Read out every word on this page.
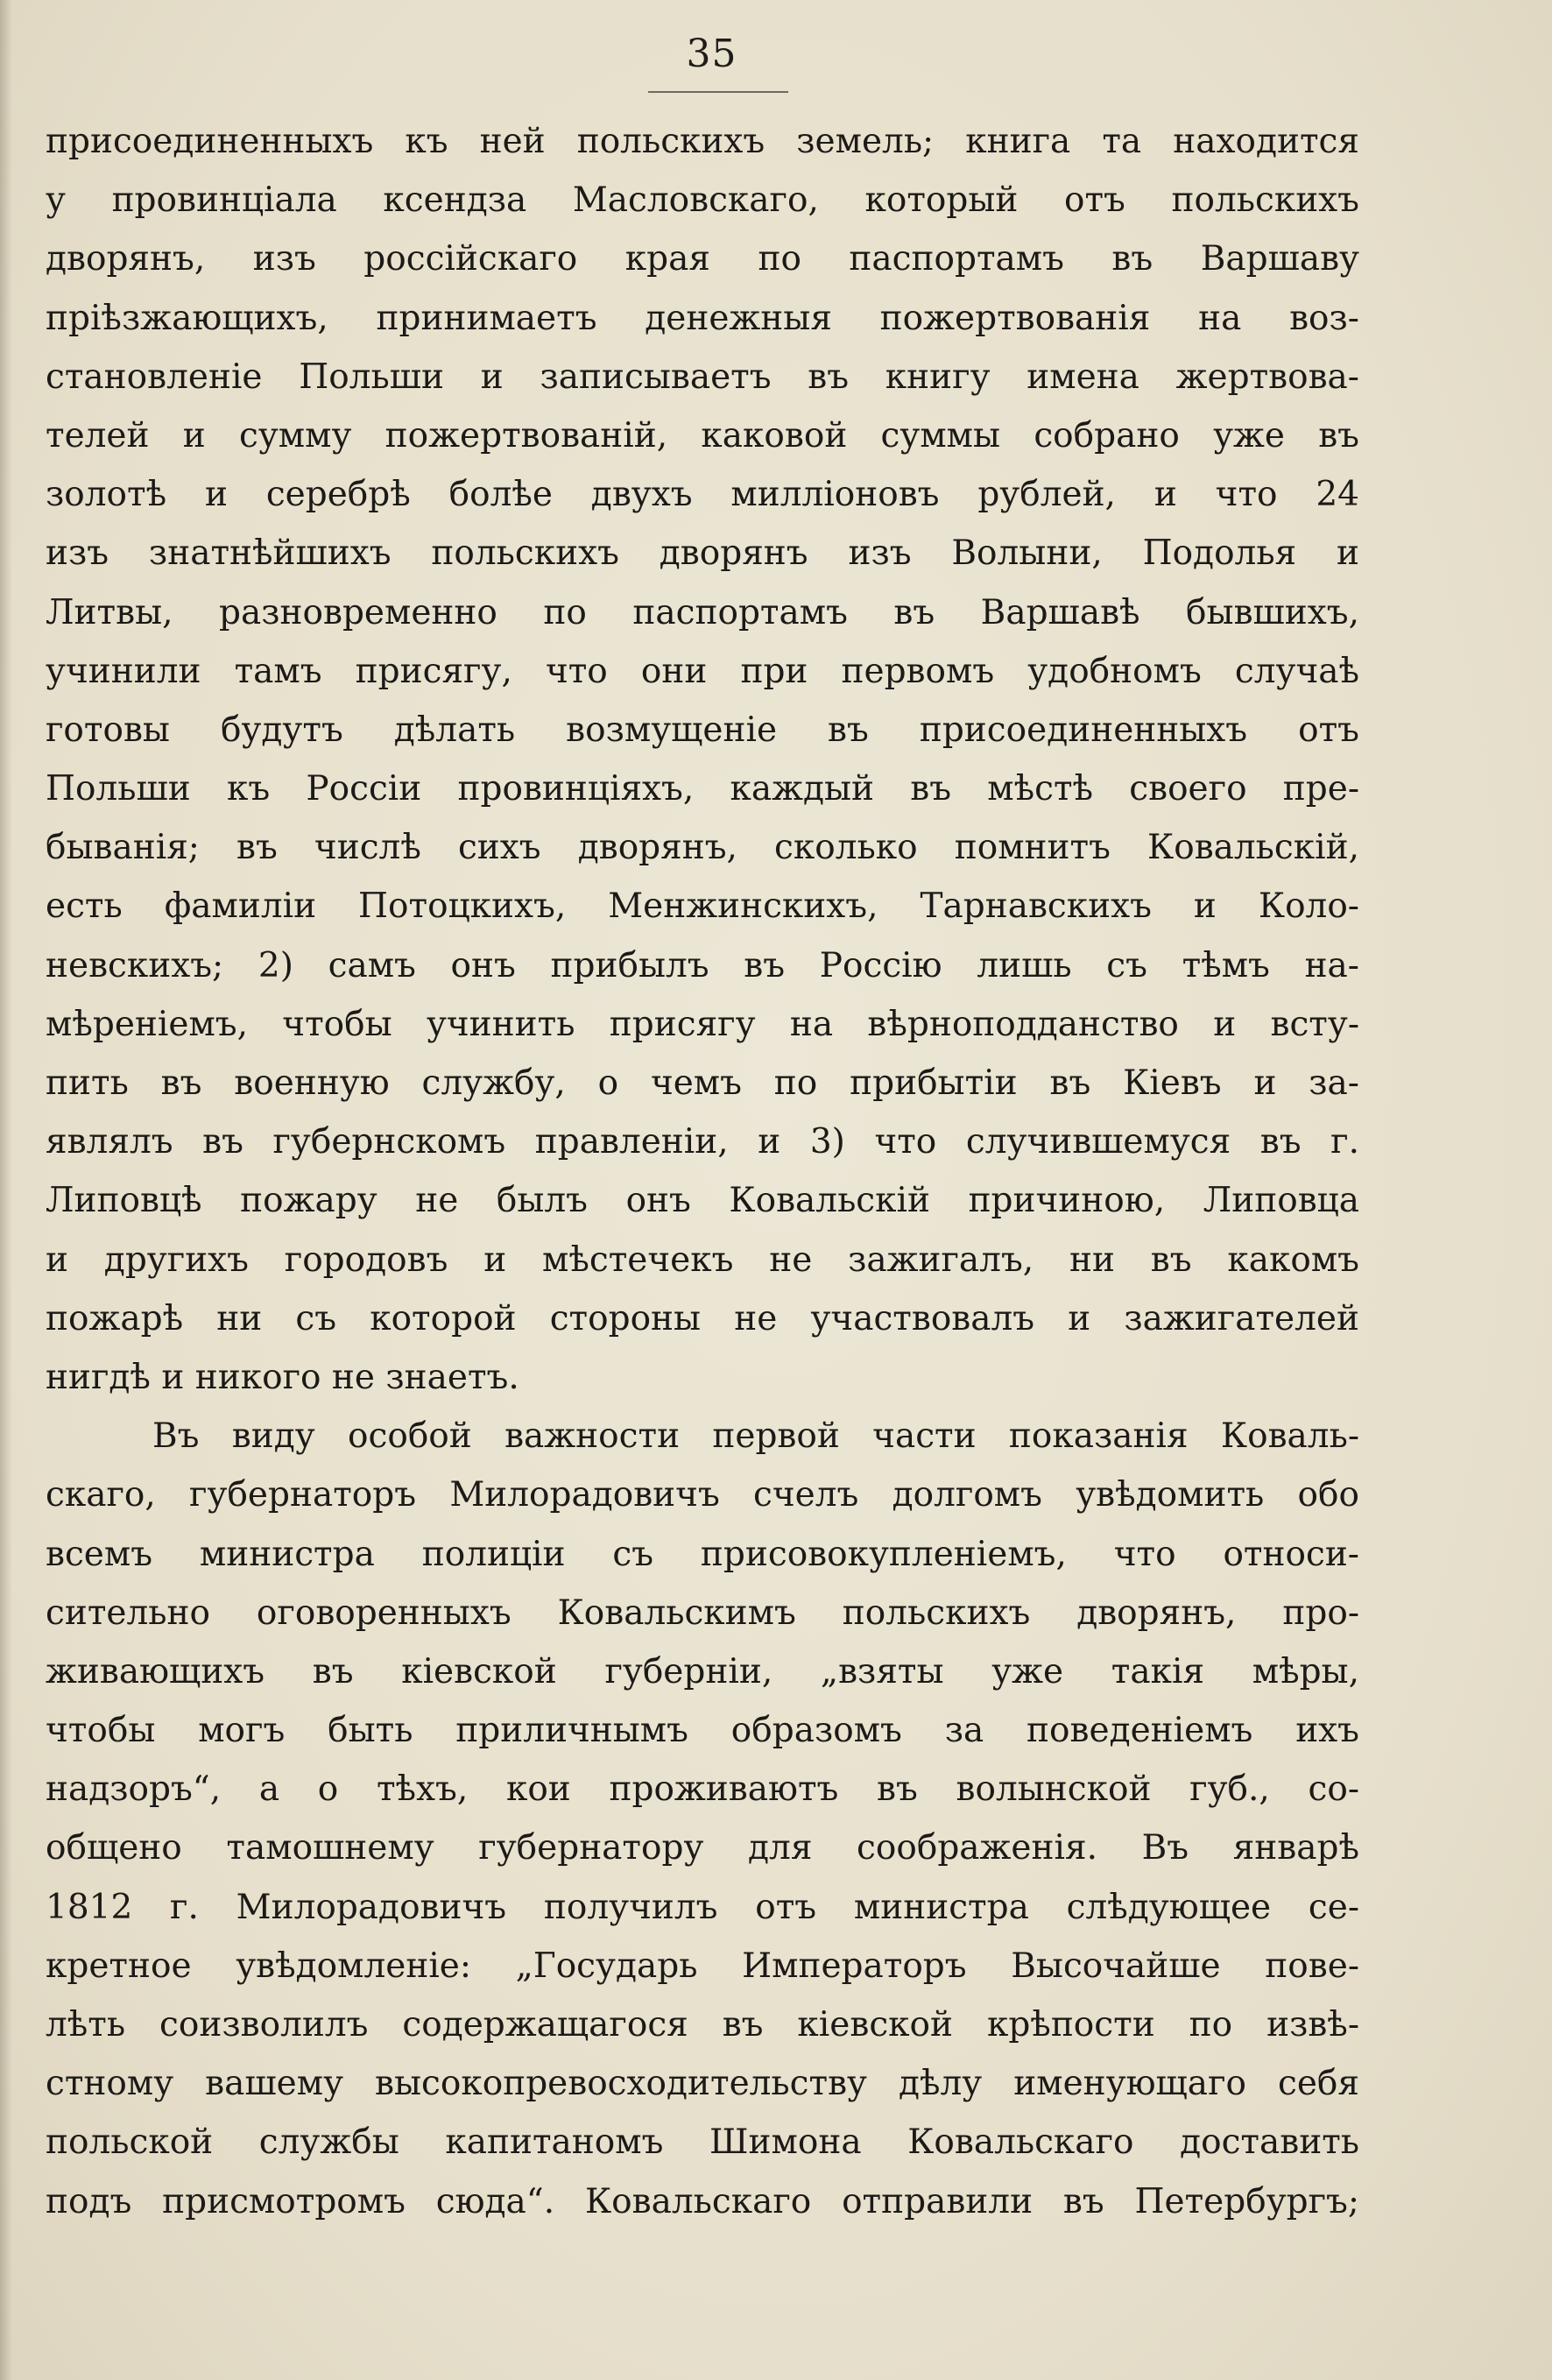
35
присоединенныхъ къ ней польскихъ земель; книга та находится
у провинціала ксендза Масловскаго, который отъ польскихъ
дворянъ, изъ россійскаго края по паспортамъ въ Варшаву
пріѣзжающихъ, принимаетъ денежныя пожертвованія на воз-
становленіе Польши и записываетъ въ книгу имена жертвова-
телей и сумму пожертвованій, каковой суммы собрано уже въ
золотѣ и серебрѣ болѣе двухъ милліоновъ рублей, и что 24
изъ знатнѣйшихъ польскихъ дворянъ изъ Волыни, Подолья и
Литвы, разновременно по паспортамъ въ Варшавѣ бывшихъ,
учинили тамъ присягу, что они при первомъ удобномъ случаѣ
готовы будутъ дѣлать возмущеніе въ присоединенныхъ отъ
Польши къ Россіи провинціяхъ, каждый въ мѣстѣ своего пре-
быванія; въ числѣ сихъ дворянъ, сколько помнитъ Ковальскій,
есть фамиліи Потоцкихъ, Менжинскихъ, Тарнавскихъ и Коло-
невскихъ; 2) самъ онъ прибылъ въ Россію лишь съ тѣмъ на-
мѣреніемъ, чтобы учинить присягу на вѣрноподданство и всту-
пить въ военную службу, о чемъ по прибытіи въ Кіевъ и за-
являлъ въ губернскомъ правленіи, и 3) что случившемуся въ г.
Липовцѣ пожару не былъ онъ Ковальскій причиною, Липовца
и другихъ городовъ и мѣстечекъ не зажигалъ, ни въ какомъ
пожарѣ ни съ которой стороны не участвовалъ и зажигателей
нигдѣ и никого не знаетъ.
Въ виду особой важности первой части показанія Коваль-
скаго, губернаторъ Милорадовичъ счелъ долгомъ увѣдомить обо
всемъ министра полиціи съ присовокупленіемъ, что относи-
сительно оговоренныхъ Ковальскимъ польскихъ дворянъ, про-
живающихъ въ кіевской губерніи, „взяты уже такія мѣры,
чтобы могъ быть приличнымъ образомъ за поведеніемъ ихъ
надзоръ“, а о тѣхъ, кои проживаютъ въ волынской губ., со-
общено тамошнему губернатору для соображенія. Въ январѣ
1812 г. Милорадовичъ получилъ отъ министра слѣдующее се-
кретное увѣдомленіе: „Государь Императоръ Высочайше пове-
лѣть соизволилъ содержащагося въ кіевской крѣпости по извѣ-
стному вашему высокопревосходительству дѣлу именующаго себя
польской службы капитаномъ Шимона Ковальскаго доставить
подъ присмотромъ сюда“. Ковальскаго отправили въ Петербургъ;
